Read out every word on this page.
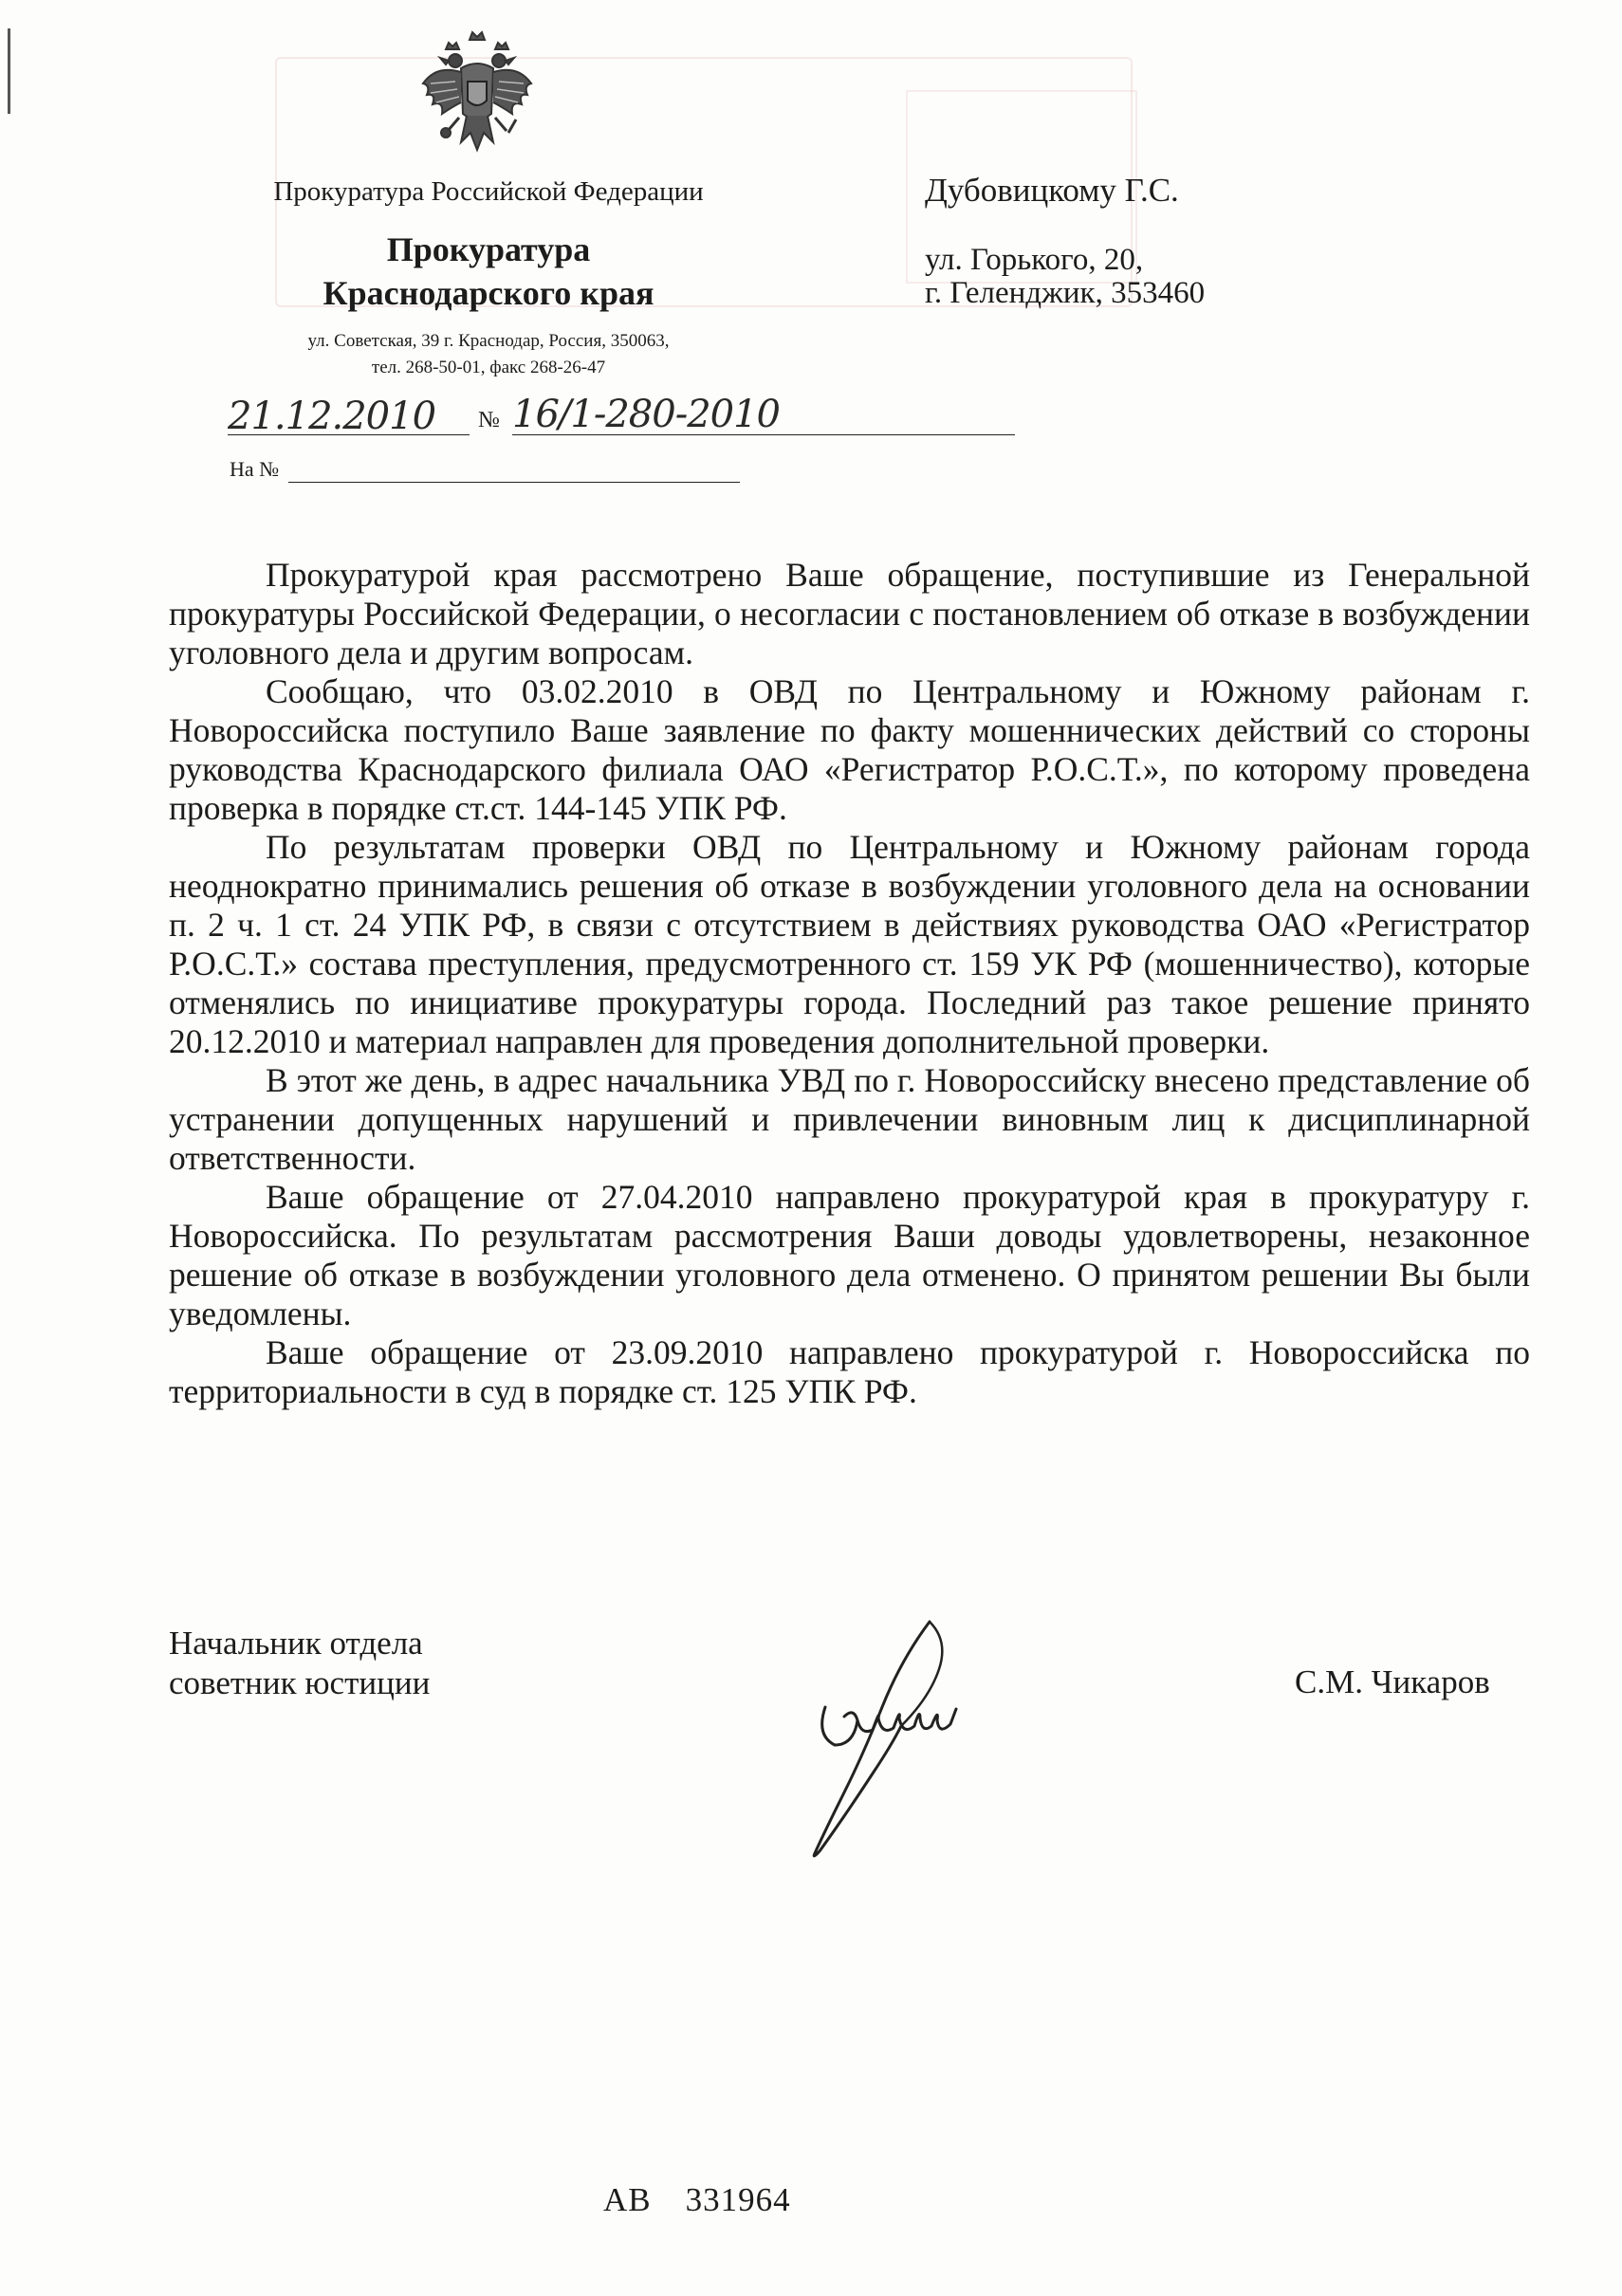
Прокуратура Российской Федерации
Прокуратура
Краснодарского края
ул. Советская, 39 г. Краснодар, Россия, 350063,
тел. 268-50-01, факс 268-26-47
21.12.2010 № 16/1-280-2010
На №
Дубовицкому Г.С.
ул. Горького, 20,
г. Геленджик, 353460

Прокуратурой края рассмотрено Ваше обращение, поступившие из Генеральной прокуратуры Российской Федерации, о несогласии с постановлением об отказе в возбуждении уголовного дела и другим вопросам.

Сообщаю, что 03.02.2010 в ОВД по Центральному и Южному районам г. Новороссийска поступило Ваше заявление по факту мошеннических действий со стороны руководства Краснодарского филиала ОАО «Регистратор Р.О.С.Т.», по которому проведена проверка в порядке ст.ст. 144-145 УПК РФ.

По результатам проверки ОВД по Центральному и Южному районам города неоднократно принимались решения об отказе в возбуждении уголовного дела на основании п. 2 ч. 1 ст. 24 УПК РФ, в связи с отсутствием в действиях руководства ОАО «Регистратор Р.О.С.Т.» состава преступления, предусмотренного ст. 159 УК РФ (мошенничество), которые отменялись по инициативе прокуратуры города. Последний раз такое решение принято 20.12.2010 и материал направлен для проведения дополнительной проверки.

В этот же день, в адрес начальника УВД по г. Новороссийску внесено представление об устранении допущенных нарушений и привлечении виновным лиц к дисциплинарной ответственности.

Ваше обращение от 27.04.2010 направлено прокуратурой края в прокуратуру г. Новороссийска. По результатам рассмотрения Ваши доводы удовлетворены, незаконное решение об отказе в возбуждении уголовного дела отменено. О принятом решении Вы были уведомлены.

Ваше обращение от 23.09.2010 направлено прокуратурой г. Новороссийска по территориальности в суд в порядке ст. 125 УПК РФ.

Начальник отдела
советник юстиции	С.М. Чикаров
АВ 331964
